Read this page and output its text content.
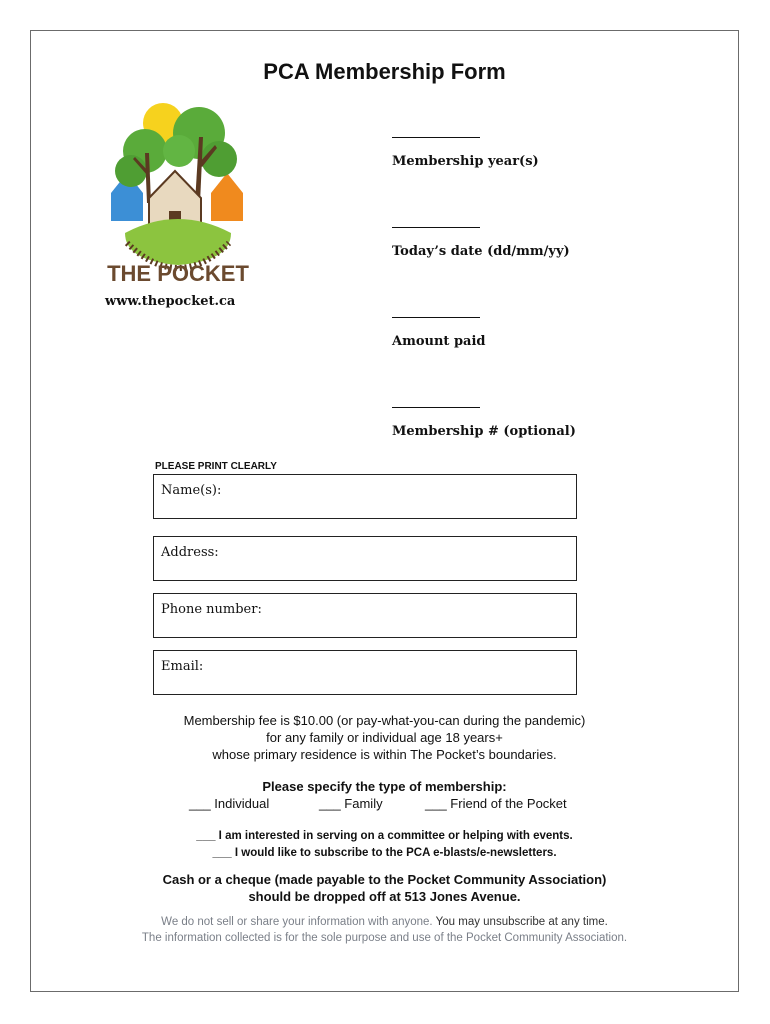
PCA Membership Form
THE POCKET
www.thepocket.ca
Membership year(s)
Today’s date (dd/mm/yy)
Amount paid
Membership # (optional)
PLEASE PRINT CLEARLY
Name(s):
Address:
Phone number:
Email:
Membership fee is $10.00 (or pay-what-you-can during the pandemic)
for any family or individual age 18 years+
whose primary residence is within The Pocket’s boundaries.
Please specify the type of membership:
___ Individual	___ Family	___ Friend of the Pocket
___ I am interested in serving on a committee or helping with events.
___ I would like to subscribe to the PCA e-blasts/e-newsletters.
Cash or a cheque (made payable to the Pocket Community Association)
should be dropped off at 513 Jones Avenue.
We do not sell or share your information with anyone. You may unsubscribe at any time.
The information collected is for the sole purpose and use of the Pocket Community Association.
